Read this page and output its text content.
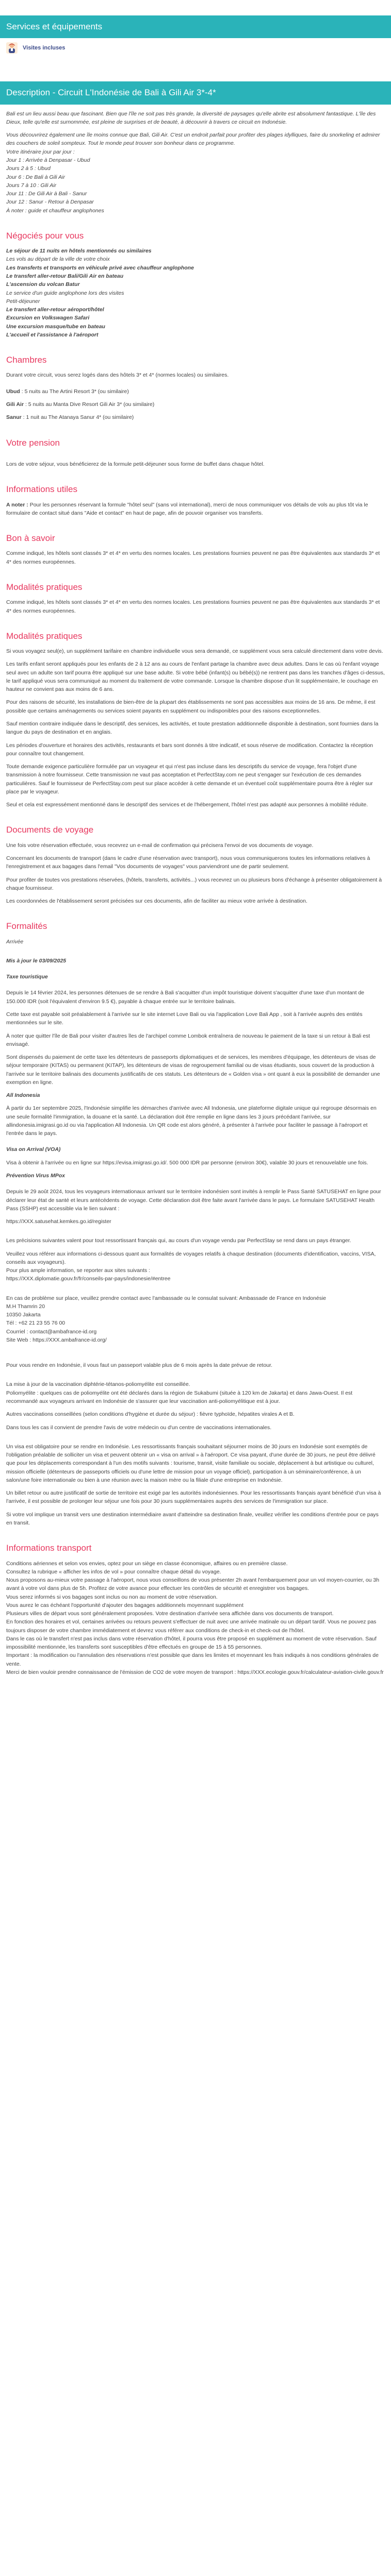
Services et équipements
Visites incluses
Description - Circuit L'Indonésie de Bali à Gili Air 3*-4*

Bali est un lieu aussi beau que fascinant. Bien que l'île ne soit pas très grande, la diversité de paysages qu'elle abrite est absolument fantastique. L'île des Dieux, telle qu'elle est surnommée, est pleine de surprises et de beauté, à découvrir à travers ce circuit en Indonésie.

Vous découvrirez également une île moins connue que Bali, Gili Air. C'est un endroit parfait pour profiter des plages idylliques, faire du snorkeling et admirer des couchers de soleil sompteux. Tout le monde peut trouver son bonheur dans ce programme.

Votre itinéraire jour par jour :

Jour 1 : Arrivée à Denpasar - Ubud
Jours 2 à 5 : Ubud
Jour 6 : De Bali à Gili Air
Jours 7 à 10 : Gili Air
Jour 11 : De Gili Air à Bali - Sanur
Jour 12 : Sanur - Retour à Denpasar
À noter : guide et chauffeur anglophones
Négociés pour vous
Le séjour de 11 nuits en hôtels mentionnés ou similaires
Les vols au départ de la ville de votre choix
Les transferts et transports en véhicule privé avec chauffeur anglophone
Le transfert aller-retour Bali/Gili Air en bateau
L'ascension du volcan Batur
Le service d'un guide anglophone lors des visites
Petit-déjeuner
Le transfert aller-retour aéroport/hôtel
Excursion en Volkswagen Safari
Une excursion masque/tube en bateau
L'accueil et l'assistance à l'aéroport
Chambres

Durant votre circuit, vous serez logés dans des hôtels 3* et 4* (normes locales) ou similaires.

Ubud : 5 nuits au The Artini Resort 3* (ou similaire)

Gili Air : 5 nuits au Manta Dive Resort Gili Air 3* (ou similaire)

Sanur : 1 nuit au The Atanaya Sanur 4* (ou similaire)

Votre pension

Lors de votre séjour, vous bénéficierez de la formule petit-déjeuner sous forme de buffet dans chaque hôtel.

Informations utiles

A noter : Pour les personnes réservant la formule "hôtel seul" (sans vol international), merci de nous communiquer vos détails de vols au plus tôt via le formulaire de contact situé dans "Aide et contact" en haut de page, afin de pouvoir organiser vos transferts.

Bon à savoir

Comme indiqué, les hôtels sont classés 3* et 4* en vertu des normes locales. Les prestations fournies peuvent ne pas être équivalentes aux standards 3* et 4* des normes européennes.

Modalités pratiques

Comme indiqué, les hôtels sont classés 3* et 4* en vertu des normes locales. Les prestations fournies peuvent ne pas être équivalentes aux standards 3* et 4* des normes européennes.

Modalités pratiques

Si vous voyagez seul(e), un supplément tarifaire en chambre individuelle vous sera demandé, ce supplément vous sera calculé directement dans votre devis.

Les tarifs enfant seront appliqués pour les enfants de 2 à 12 ans au cours de l'enfant partage la chambre avec deux adultes. Dans le cas où l'enfant voyage seul avec un adulte son tarif pourra être appliqué sur une base adulte. Si votre bébé (infant(s) ou bébé(s)) ne rentrent pas dans les tranches d'âges ci-dessus, le tarif appliqué vous sera communiqué au moment du traitement de votre commande. Lorsque la chambre dispose d'un lit supplémentaire, le couchage en hauteur ne convient pas aux moins de 6 ans.

Pour des raisons de sécurité, les installations de bien-être de la plupart des établissements ne sont pas accessibles aux moins de 16 ans. De même, il est possible que certains aménagements ou services soient payants en supplément ou indisponibles pour des raisons exceptionnelles.

Sauf mention contraire indiquée dans le descriptif, des services, les activités, et toute prestation additionnelle disponible à destination, sont fournies dans la langue du pays de destination et en anglais.

Les périodes d'ouverture et horaires des activités, restaurants et bars sont donnés à titre indicatif, et sous réserve de modification. Contactez la réception pour connaître tout changement.

Toute demande exigence particulière formulée par un voyageur et qui n'est pas incluse dans les descriptifs du service de voyage, fera l'objet d'une transmission à notre fournisseur. Cette transmission ne vaut pas acceptation et PerfectStay.com ne peut s'engager sur l'exécution de ces demandes particulières. Sauf le fournisseur de PerfectStay.com peut sur place accéder à cette demande et un éventuel coût supplémentaire pourra être à régler sur place par le voyageur.

Seul et cela est expressément mentionné dans le descriptif des services et de l'hébergement, l'hôtel n'est pas adapté aux personnes à mobilité réduite.

Documents de voyage

Une fois votre réservation effectuée, vous recevrez un e-mail de confirmation qui précisera l'envoi de vos documents de voyage.

Concernant les documents de transport (dans le cadre d'une réservation avec transport), nous vous communiquerons toutes les informations relatives à l'enregistrement et aux bagages dans l'email "Vos documents de voyages" vous parviendront une de partir seulement.

Pour profiter de toutes vos prestations réservées, (hôtels, transferts, activités...) vous recevrez un ou plusieurs bons d'échange à présenter obligatoirement à chaque fournisseur.

Les coordonnées de l'établissement seront précisées sur ces documents, afin de faciliter au mieux votre arrivée à destination.

Formalités

Arrivée

Mis à jour le 03/09/2025

Taxe touristique

Depuis le 14 février 2024, les personnes détenues de se rendre à Bali s'acquitter d'un impôt touristique doivent s'acquitter d'une taxe d'un montant de 150.000 IDR (soit l'équivalent d'environ 9.5 €), payable à chaque entrée sur le territoire balinais.

Cette taxe est payable soit préalablement à l'arrivée sur le site internet Love Bali ou via l'application Love Bali App , soit à l'arrivée auprès des entités mentionnées sur le site.

À noter que quitter l'île de Bali pour visiter d'autres îles de l'archipel comme Lombok entraînera de nouveau le paiement de la taxe si un retour à Bali est envisagé.

Sont dispensés du paiement de cette taxe les détenteurs de passeports diplomatiques et de services, les membres d'équipage, les détenteurs de visas de séjour temporaire (KITAS) ou permanent (KITAP), les détenteurs de visas de regroupement familial ou de visas étudiants, sous couvert de la production à l'arrivée sur le territoire balinais des documents justificatifs de ces statuts. Les détenteurs de « Golden visa » ont quant à eux la possibilité de demander une exemption en ligne.

All Indonesia

À partir du 1er septembre 2025, l'Indonésie simplifie les démarches d'arrivée avec All Indonesia, une plateforme digitale unique qui regroupe désormais en une seule formalité l'immigration, la douane et la santé. La déclaration doit être remplie en ligne dans les 3 jours précédant l'arrivée, sur allindonesia.imigrasi.go.id ou via l'application All Indonesia. Un QR code est alors généré, à présenter à l'arrivée pour faciliter le passage à l'aéroport et l'entrée dans le pays.

Visa on Arrival (VOA)

Visa à obtenir à l'arrivée ou en ligne sur https://evisa.imigrasi.go.id/. 500 000 IDR par personne (environ 30€), valable 30 jours et renouvelable une fois.

Prévention Virus MPox

Depuis le 29 août 2024, tous les voyageurs internationaux arrivant sur le territoire indonésien sont invités à remplir le Pass Santé SATUSEHAT en ligne pour déclarer leur état de santé et leurs antécédents de voyage. Cette déclaration doit être faite avant l'arrivée dans le pays. Le formulaire SATUSEHAT Health Pass (SSHP) est accessible via le lien suivant :

https://XXX.satusehat.kemkes.go.id/register

Les précisions suivantes valent pour tout ressortissant français qui, au cours d'un voyage vendu par PerfectStay se rend dans un pays étranger.

Veuillez vous référer aux informations ci-dessous quant aux formalités de voyages relatifs à chaque destination (documents d'identification, vaccins, VISA, conseils aux voyageurs).

Pour plus ample information, se reporter aux sites suivants :

https://XXX.diplomatie.gouv.fr/fr/conseils-par-pays/indonesie/#entree

En cas de problème sur place, veuillez prendre contact avec l'ambassade ou le consulat suivant: Ambassade de France en Indonésie

M.H Thamrin 20

10350 Jakarta

Tél : +62 21 23 55 76 00

Courriel : contact@ambafrance-id.org

Site Web : https://XXX.ambafrance-id.org/

Pour vous rendre en Indonésie, il vous faut un passeport valable plus de 6 mois après la date prévue de retour.

La mise à jour de la vaccination diphtérie-tétanos-poliomyélite est conseillée.

Poliomyélite : quelques cas de poliomyélite ont été déclarés dans la région de Sukabumi (située à 120 km de Jakarta) et dans Jawa-Ouest. Il est recommandé aux voyageurs arrivant en Indonésie de s'assurer que leur vaccination anti-poliomyélitique est à jour.

Autres vaccinations conseillées (selon conditions d'hygiène et durée du séjour) : fièvre typhoïde, hépatites virales A et B.

Dans tous les cas il convient de prendre l'avis de votre médecin ou d'un centre de vaccinations internationales.

Un visa est obligatoire pour se rendre en Indonésie. Les ressortissants français souhaitant séjourner moins de 30 jours en Indonésie sont exemptés de l'obligation préalable de solliciter un visa et peuvent obtenir un « visa on arrival » à l'aéroport. Ce visa payant, d'une durée de 30 jours, ne peut être délivré que pour les déplacements correspondant à l'un des motifs suivants : tourisme, transit, visite familiale ou sociale, déplacement à but artistique ou culturel, mission officielle (détenteurs de passeports officiels ou d'une lettre de mission pour un voyage officiel), participation à un séminaire/conférence, à un salon/une foire internationale ou bien à une réunion avec la maison mère ou la filiale d'une entreprise en Indonésie.

Un billet retour ou autre justificatif de sortie de territoire est exigé par les autorités indonésiennes. Pour les ressortissants français ayant bénéficié d'un visa à l'arrivée, il est possible de prolonger leur séjour une fois pour 30 jours supplémentaires auprès des services de l'immigration sur place.

Si votre vol implique un transit vers une destination intermédiaire avant d'atteindre sa destination finale, veuillez vérifier les conditions d'entrée pour ce pays en transit.

Informations transport

Conditions aériennes et selon vos envies, optez pour un siège en classe économique, affaires ou en première classe.

Consultez la rubrique « afficher les infos de vol » pour connaître chaque détail du voyage.

Nous proposons au-mieux votre passage à l'aéroport, nous vous conseillons de vous présenter 2h avant l'embarquement pour un vol moyen-courrier, ou 3h avant à votre vol dans plus de 5h. Profitez de votre avance pour effectuer les contrôles de sécurité et enregistrer vos bagages.

Vous serez informés si vos bagages sont inclus ou non au moment de votre réservation.

Vous aurez le cas échéant l'opportunité d'ajouter des bagages additionnels moyennant supplément

Plusieurs villes de départ vous sont généralement proposées. Votre destination d'arrivée sera affichée dans vos documents de transport.

En fonction des horaires et vol, certaines arrivées ou retours peuvent s'effectuer de nuit avec une arrivée matinale ou un départ tardif. Vous ne pouvez pas toujours disposer de votre chambre immédiatement et devrez vous référer aux conditions de check-in et check-out de l'hôtel.

Dans le cas où le transfert n'est pas inclus dans votre réservation d'hôtel, il pourra vous être proposé en supplément au moment de votre réservation. Sauf impossibilité mentionnée, les transferts sont susceptibles d'être effectués en groupe de 15 à 55 personnes.

Important : la modification ou l'annulation des réservations n'est possible que dans les limites et moyennant les frais indiqués à nos conditions générales de vente.

Merci de bien vouloir prendre connaissance de l'émission de CO2 de votre moyen de transport : https://XXX.ecologie.gouv.fr/calculateur-aviation-civile.gouv.fr
